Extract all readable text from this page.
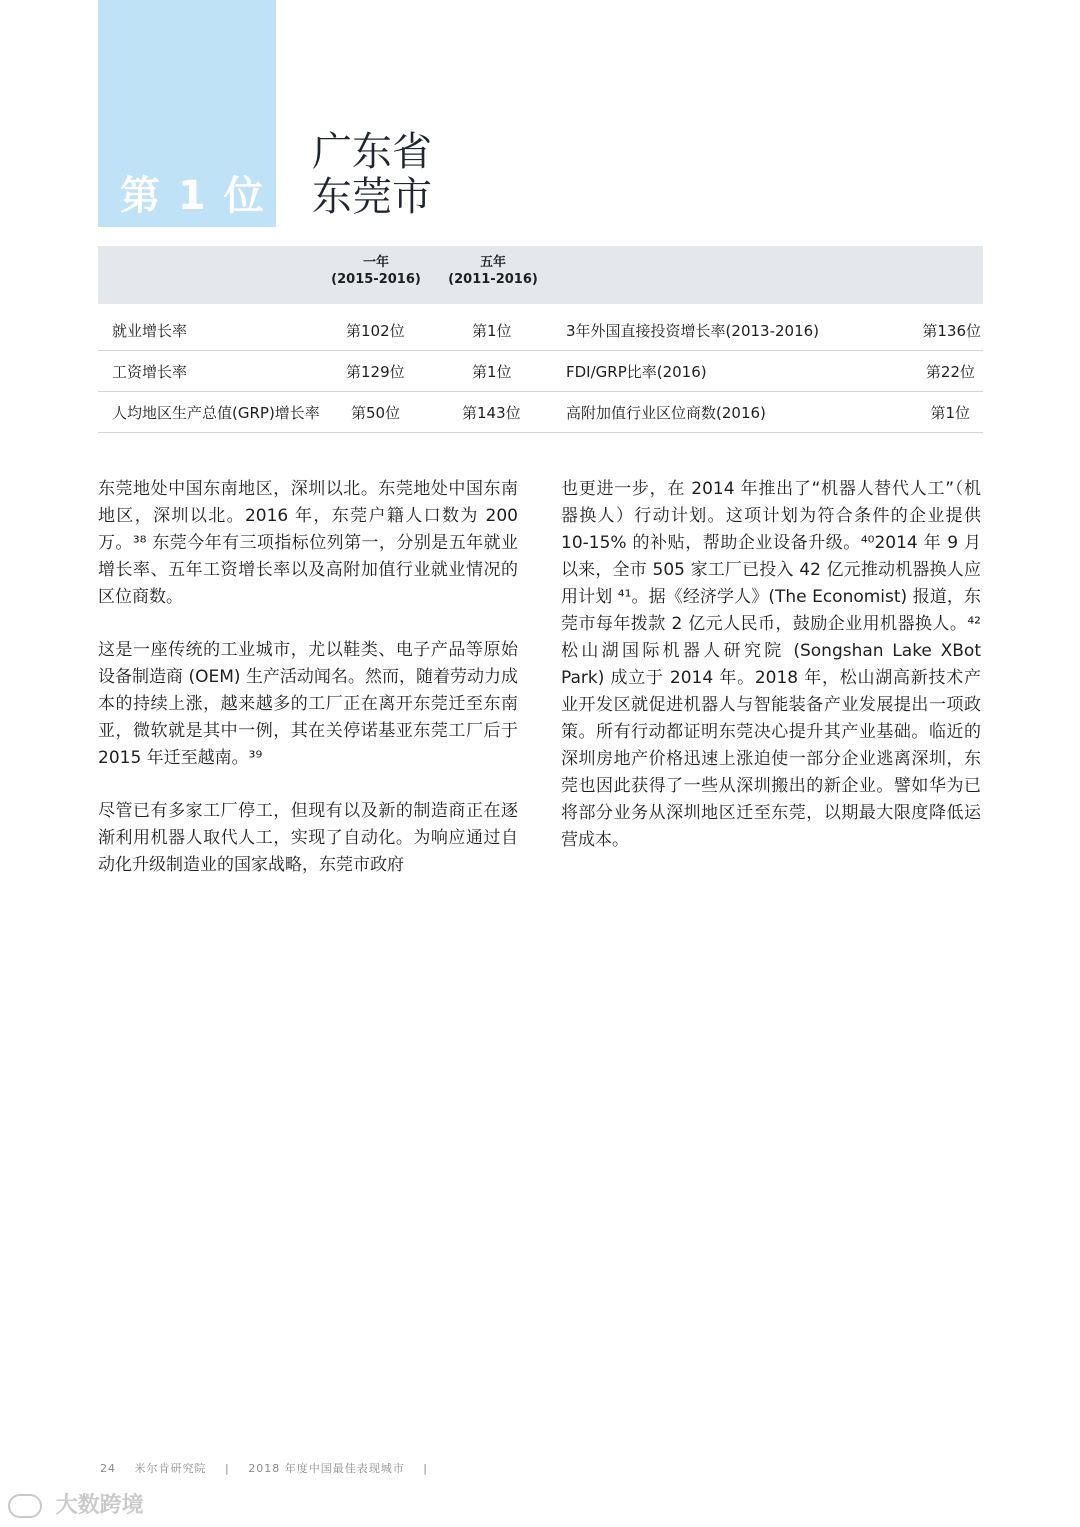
第 1 位
广东省
东莞市
一年
(2015-2016)
五年
(2011-2016)
就业增长率	第102位	第1位	3年外国直接投资增长率(2013-2016)	第136位
工资增长率	第129位	第1位	FDI/GRP比率(2016)	第22位
人均地区生产总值(GRP)增长率 第50位	第143位	高附加值行业区位商数(2016)	第1位

东莞地处中国东南地区，深圳以北。东莞地处中国东南地区，深圳以北。2016 年，东莞户籍人口数为 200 万。³⁸ 东莞今年有三项指标位列第一，分别是五年就业增长率、五年工资增长率以及高附加值行业就业情况的区位商数。

这是一座传统的工业城市，尤以鞋类、电子产品等原始设备制造商 (OEM) 生产活动闻名。然而，随着劳动力成本的持续上涨，越来越多的工厂正在离开东莞迁至东南亚，微软就是其中一例，其在关停诺基亚东莞工厂后于 2015 年迁至越南。³⁹

尽管已有多家工厂停工，但现有以及新的制造商正在逐渐利用机器人取代人工，实现了自动化。为响应通过自动化升级制造业的国家战略，东莞市政府

也更进一步，在 2014 年推出了“机器人替代人工”（机器换人）行动计划。这项计划为符合条件的企业提供 10-15% 的补贴，帮助企业设备升级。⁴⁰2014 年 9 月以来，全市 505 家工厂已投入 42 亿元推动机器换人应用计划 ⁴¹。据《经济学人》(The Economist) 报道，东莞市每年拨款 2 亿元人民币，鼓励企业用机器换人。⁴² 松山湖国际机器人研究院 (Songshan Lake XBot Park) 成立于 2014 年。2018 年，松山湖高新技术产业开发区就促进机器人与智能装备产业发展提出一项政策。所有行动都证明东莞决心提升其产业基础。临近的深圳房地产价格迅速上涨迫使一部分企业逃离深圳，东莞也因此获得了一些从深圳搬出的新企业。譬如华为已将部分业务从深圳地区迁至东莞，以期最大限度降低运营成本。

24 米尔肯研究院 | 2018 年度中国最佳表现城市 |
大数跨境
